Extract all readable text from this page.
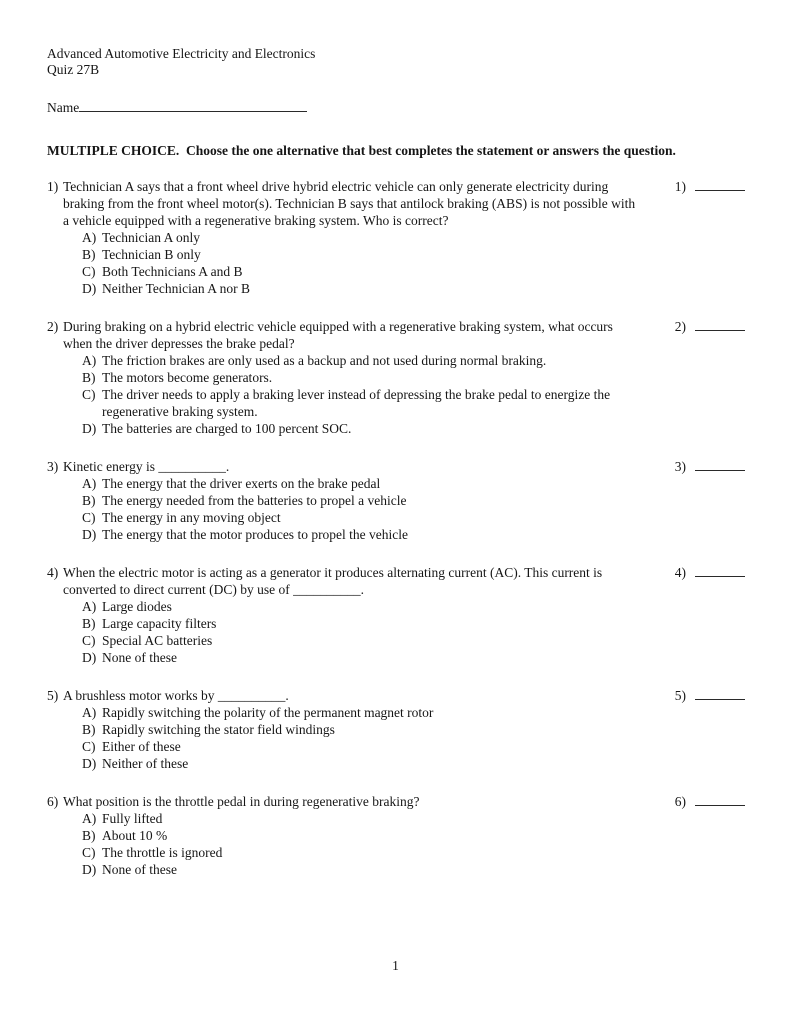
Advanced Automotive Electricity and Electronics
Quiz 27B
Name
MULTIPLE CHOICE.  Choose the one alternative that best completes the statement or answers the question.
1) Technician A says that a front wheel drive hybrid electric vehicle can only generate electricity during braking from the front wheel motor(s). Technician B says that antilock braking (ABS) is not possible with a vehicle equipped with a regenerative braking system. Who is correct?
A) Technician A only
B) Technician B only
C) Both Technicians A and B
D) Neither Technician A nor B
1)
2) During braking on a hybrid electric vehicle equipped with a regenerative braking system, what occurs when the driver depresses the brake pedal?
A) The friction brakes are only used as a backup and not used during normal braking.
B) The motors become generators.
C) The driver needs to apply a braking lever instead of depressing the brake pedal to energize the regenerative braking system.
D) The batteries are charged to 100 percent SOC.
2)
3) Kinetic energy is __________.
A) The energy that the driver exerts on the brake pedal
B) The energy needed from the batteries to propel a vehicle
C) The energy in any moving object
D) The energy that the motor produces to propel the vehicle
3)
4) When the electric motor is acting as a generator it produces alternating current (AC). This current is converted to direct current (DC) by use of __________.
A) Large diodes
B) Large capacity filters
C) Special AC batteries
D) None of these
4)
5) A brushless motor works by __________.
A) Rapidly switching the polarity of the permanent magnet rotor
B) Rapidly switching the stator field windings
C) Either of these
D) Neither of these
5)
6) What position is the throttle pedal in during regenerative braking?
A) Fully lifted
B) About 10 %
C) The throttle is ignored
D) None of these
6)
1
